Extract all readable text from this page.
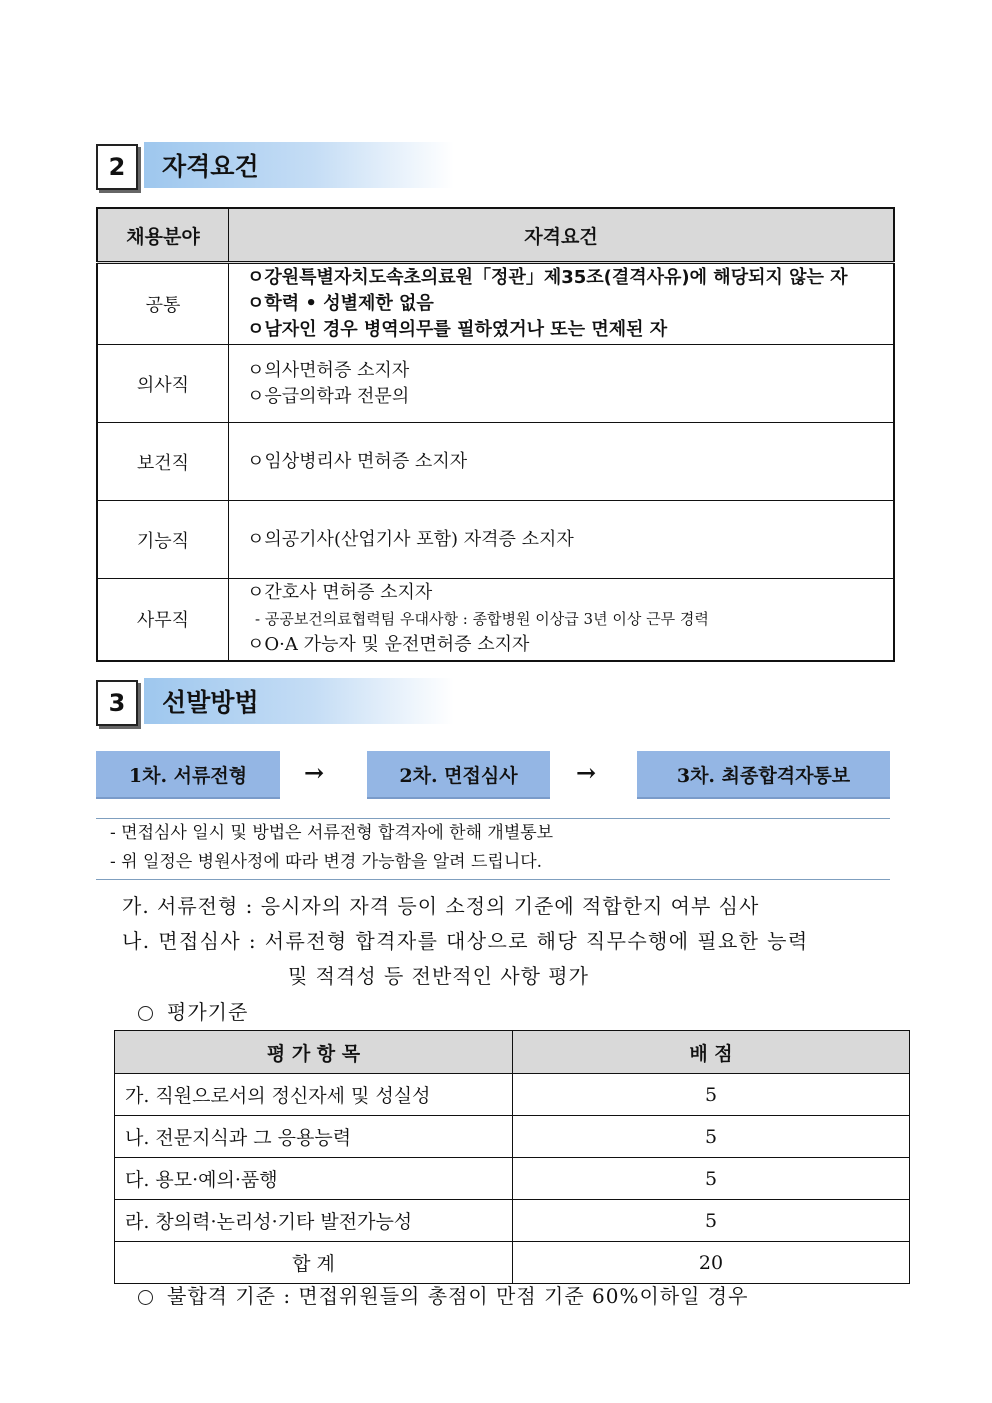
2 자격요건
채용분야	자격요건
공통	ㅇ강원특별자치도속초의료원「정관」제35조(결격사유)에 해당되지 않는 자
ㅇ학력 • 성별제한 없음
ㅇ남자인 경우 병역의무를 필하였거나 또는 면제된 자

의사직	ㅇ의사면허증 소지자
ㅇ응급의학과 전문의

보건직	ㅇ임상병리사 면허증 소지자

기능직	ㅇ의공기사(산업기사 포함) 자격증 소지자

사무직	ㅇ간호사 면허증 소지자
- 공공보건의료협력팀 우대사항 : 종합병원 이상급 3년 이상 근무 경력
ㅇO·A 가능자 및 운전면허증 소지자
3 선발방법
1차. 서류전형 →	2차. 면접심사 →	3차. 최종합격자통보
- 면접심사 일시 및 방법은 서류전형 합격자에 한해 개별통보
- 위 일정은 병원사정에 따라 변경 가능함을 알려 드립니다.
가. 서류전형 : 응시자의 자격 등이 소정의 기준에 적합한지 여부 심사
나. 면접심사 : 서류전형 합격자를 대상으로 해당 직무수행에 필요한 능력
및 적격성 등 전반적인 사항 평가
평가기준
평 가 항 목	배 점
가. 직원으로서의 정신자세 및 성실성	5
나. 전문지식과 그 응용능력	5
다. 용모·예의·품행	5
라. 창의력·논리성·기타 발전가능성	5
합 계	20
불합격 기준 : 면접위원들의 총점이 만점 기준 60%이하일 경우
